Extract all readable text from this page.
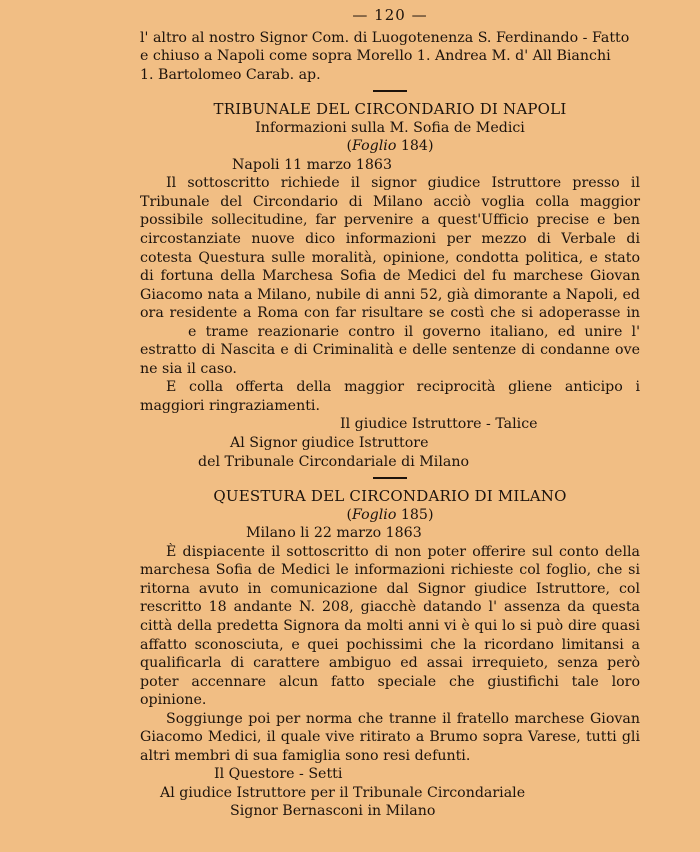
— 120 —

l' altro al nostro Signor Com. di Luogotenenza S. Ferdinando - Fatto

e chiuso a Napoli come sopra Morello 1. Andrea M. d' All Bianchi

1. Bartolomeo Carab. ap.

TRIBUNALE DEL CIRCONDARIO DI NAPOLI
Informazioni sulla M. Sofia de Medici
(Foglio 184)
Napoli 11 marzo 1863

Il sottoscritto richiede il signor giudice Istruttore presso il Tribunale del Circondario di Milano acciò voglia colla maggior possibile sollecitudine, far pervenire a quest'Ufficio precise e ben circostanziate nuove dico informazioni per mezzo di Verbale di cotesta Questura sulle moralità, opinione, condotta politica, e stato di fortuna della Marchesa Sofia de Medici del fu marchese Giovan Giacomo nata a Milano, nubile di anni 52, già dimorante a Napoli, ed ora residente a Roma con far risultare se costì che si adoperasse ine trame reazionarie contro il governo italiano, ed unire l' estratto di Nascita e di Criminalità e delle sentenze di condanne ove ne sia il caso.

E colla offerta della maggior reciprocità gliene anticipo i maggiori ringraziamenti.

Il giudice Istruttore - Talice
Al Signor giudice Istruttore
del Tribunale Circondariale di Milano
QUESTURA DEL CIRCONDARIO DI MILANO
(Foglio 185)
Milano li 22 marzo 1863

È dispiacente il sottoscritto di non poter offerire sul conto della marchesa Sofia de Medici le informazioni richieste col foglio, che si ritorna avuto in comunicazione dal Signor giudice Istruttore, col rescritto 18 andante N. 208, giacchè datando l' assenza da questa città della predetta Signora da molti anni vi è qui lo si può dire quasi affatto sconosciuta, e quei pochissimi che la ricordano limitansi a qualificarla di carattere ambiguo ed assai irrequieto, senza però poter accennare alcun fatto speciale che giustifichi tale loro opinione.

Soggiunge poi per norma che tranne il fratello marchese Giovan Giacomo Medici, il quale vive ritirato a Brumo sopra Varese, tutti gli altri membri di sua famiglia sono resi defunti.

Il Questore - Setti
Al giudice Istruttore per il Tribunale Circondariale
Signor Bernasconi in Milano
